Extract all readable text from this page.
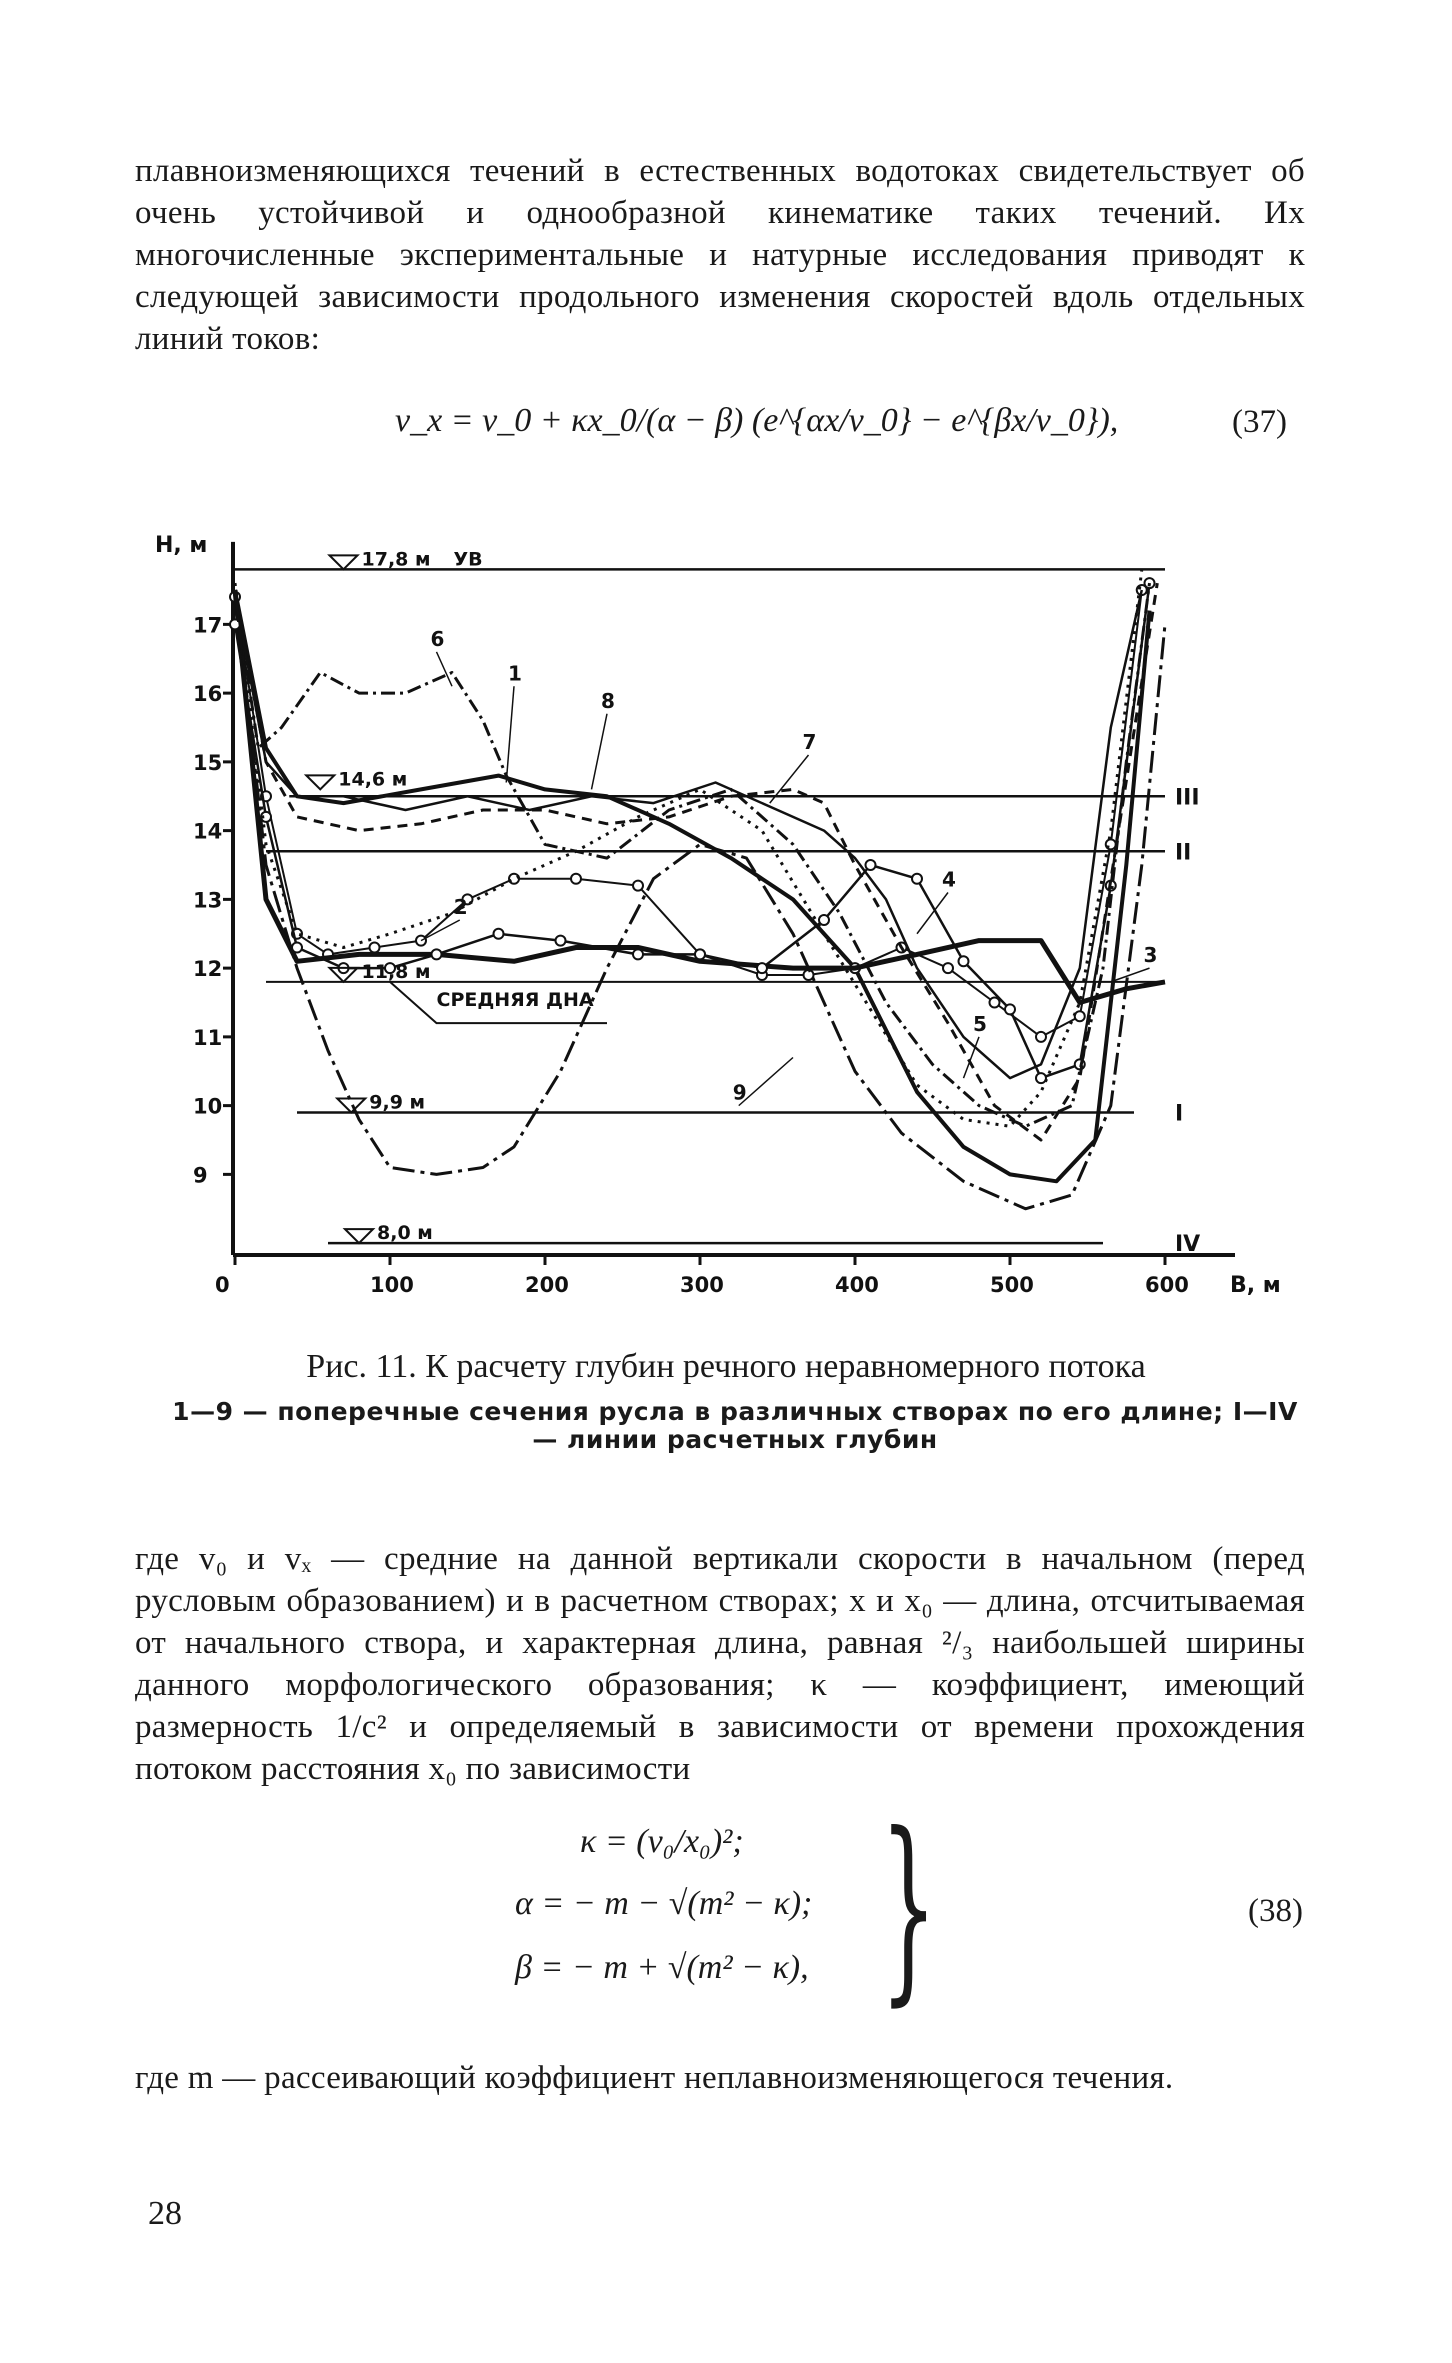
плавноизменяющихся течений в естественных водотоках свидетельствует об очень устойчивой и однообразной кинематике таких течений. Их многочисленные экспериментальные и натурные исследования приводят к следующей зависимости продольного изменения скоростей вдоль отдельных линий токов:
v_x = v_0 + κx_0/(α − β) (e^{αx/v_0} − e^{βx/v_0}),	(37)
Н, м
В, м
17
16
15
14
13
12
11
10
9
0	100	200	300	400	500	600
III
II
I
IV
17,8 м УВ
14,6 м
11,8 м
9,9 м
8,0 м
СРЕДНЯЯ ДНА
1
2
3
4
5
6
7
8
9
Рис. 11. К расчету глубин речного неравномерного потока
1—9 — поперечные сечения русла в различных створах по его длине; I—IV — линии расчетных глубин
где v₀ и vₓ — средние на данной вертикали скорости в начальном (перед русловым образованием) и в расчетном створах; x и x₀ — длина, отсчитываемая от начального створа, и характерная длина, равная ²/₃ наибольшей ширины данного морфологического образования; κ — коэффициент, имеющий размерность 1/с² и определяемый в зависимости от времени прохождения потоком расстояния x₀ по зависимости
κ = (v₀/x₀)²;
α = − m − √(m² − κ);
β = − m + √(m² − κ), }	(38)
где m — рассеивающий коэффициент неплавноизменяющегося течения.
28
